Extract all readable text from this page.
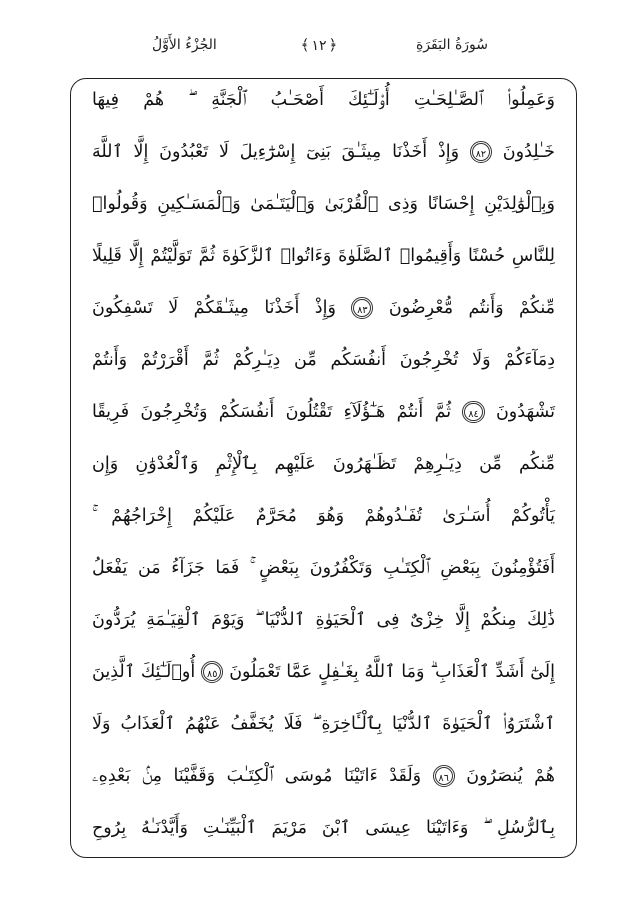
سُورَةُ البَقَرَةِ
﴿ ١٢﴾
الجُزْءُ الأَوَّلُ
وَعَمِلُوا۟ ٱلصَّـٰلِحَـٰتِ أُو۟لَـٰٓئِكَ أَصْحَـٰبُ ٱلْجَنَّةِ ۖ هُمْ فِيهَا
خَـٰلِدُونَ ٨٢ وَإِذْ أَخَذْنَا مِيثَـٰقَ بَنِىٓ إِسْرَٰٓءِيلَ لَا تَعْبُدُونَ إِلَّا ٱللَّهَ
وَبِٱلْوَٰلِدَيْنِ إِحْسَانًا وَذِى ٱلْقُرْبَىٰ وَٱلْيَتَـٰمَىٰ وَٱلْمَسَـٰكِينِ وَقُولُوا۟
لِلنَّاسِ حُسْنًا وَأَقِيمُوا۟ ٱلصَّلَوٰةَ وَءَاتُوا۟ ٱلزَّكَوٰةَ ثُمَّ تَوَلَّيْتُمْ إِلَّا قَلِيلًا
مِّنكُمْ وَأَنتُم مُّعْرِضُونَ ٨٣ وَإِذْ أَخَذْنَا مِيثَـٰقَكُمْ لَا تَسْفِكُونَ
دِمَآءَكُمْ وَلَا تُخْرِجُونَ أَنفُسَكُم مِّن دِيَـٰرِكُمْ ثُمَّ أَقْرَرْتُمْ وَأَنتُمْ
تَشْهَدُونَ ٨٤ ثُمَّ أَنتُمْ هَـٰٓؤُلَآءِ تَقْتُلُونَ أَنفُسَكُمْ وَتُخْرِجُونَ فَرِيقًا
مِّنكُم مِّن دِيَـٰرِهِمْ تَظَـٰهَرُونَ عَلَيْهِم بِٱلْإِثْمِ وَٱلْعُدْوَٰنِ وَإِن
يَأْتُوكُمْ أُسَـٰرَىٰ تُفَـٰدُوهُمْ وَهُوَ مُحَرَّمٌ عَلَيْكُمْ إِخْرَاجُهُمْ ۚ
أَفَتُؤْمِنُونَ بِبَعْضِ ٱلْكِتَـٰبِ وَتَكْفُرُونَ بِبَعْضٍ ۚ فَمَا جَزَآءُ مَن يَفْعَلُ
ذَٰلِكَ مِنكُمْ إِلَّا خِزْىٌ فِى ٱلْحَيَوٰةِ ٱلدُّنْيَا ۖ وَيَوْمَ ٱلْقِيَـٰمَةِ يُرَدُّونَ
إِلَىٰٓ أَشَدِّ ٱلْعَذَابِ ۗ وَمَا ٱللَّهُ بِغَـٰفِلٍ عَمَّا تَعْمَلُونَ ٨٥ أُو۟لَـٰٓئِكَ ٱلَّذِينَ
ٱشْتَرَوُا۟ ٱلْحَيَوٰةَ ٱلدُّنْيَا بِٱلْـَٔاخِرَةِ ۖ فَلَا يُخَفَّفُ عَنْهُمُ ٱلْعَذَابُ وَلَا
هُمْ يُنصَرُونَ ٨٦ وَلَقَدْ ءَاتَيْنَا مُوسَى ٱلْكِتَـٰبَ وَقَفَّيْنَا مِنۢ بَعْدِهِۦ
بِٱلرُّسُلِ ۖ وَءَاتَيْنَا عِيسَى ٱبْنَ مَرْيَمَ ٱلْبَيِّنَـٰتِ وَأَيَّدْنَـٰهُ بِرُوحِ
